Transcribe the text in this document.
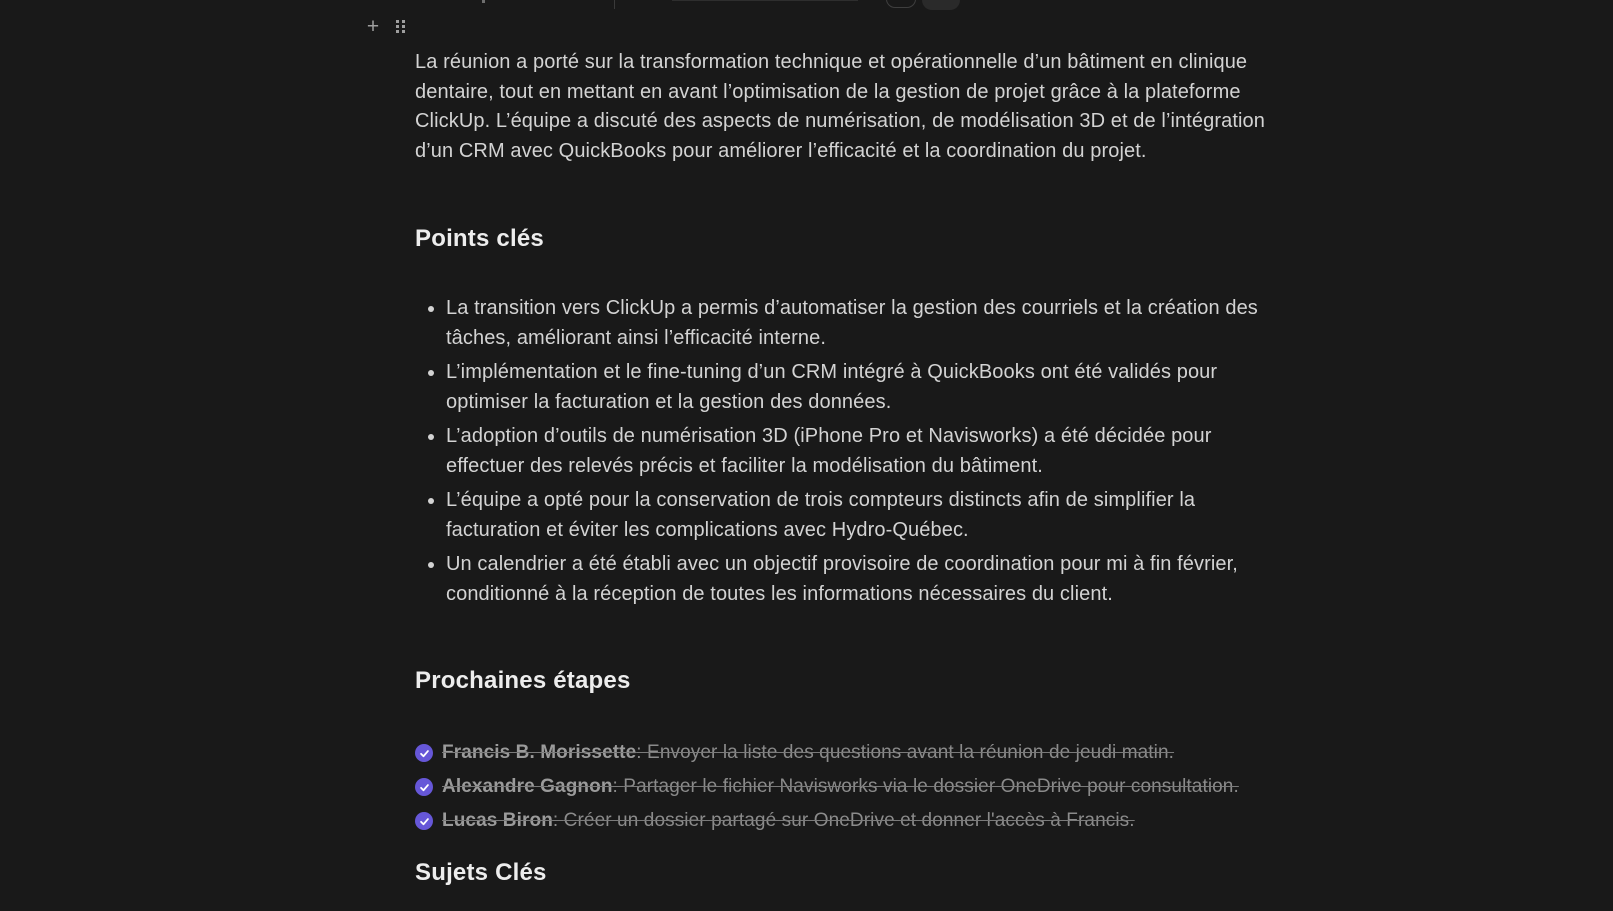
+

La réunion a porté sur la transformation technique et opérationnelle d’un bâtiment en clinique dentaire, tout en mettant en avant l’optimisation de la gestion de projet grâce à la plateforme ClickUp. L’équipe a discuté des aspects de numérisation, de modélisation 3D et de l’intégration d’un CRM avec QuickBooks pour améliorer l’efficacité et la coordination du projet.

Points clés
La transition vers ClickUp a permis d’automatiser la gestion des courriels et la création des tâches, améliorant ainsi l’efficacité interne.
L’implémentation et le fine-tuning d’un CRM intégré à QuickBooks ont été validés pour optimiser la facturation et la gestion des données.
L’adoption d’outils de numérisation 3D (iPhone Pro et Navisworks) a été décidée pour effectuer des relevés précis et faciliter la modélisation du bâtiment.
L’équipe a opté pour la conservation de trois compteurs distincts afin de simplifier la facturation et éviter les complications avec Hydro-Québec.
Un calendrier a été établi avec un objectif provisoire de coordination pour mi à fin février, conditionné à la réception de toutes les informations nécessaires du client.
Prochaines étapes
Francis B. Morissette: Envoyer la liste des questions avant la réunion de jeudi matin.
Alexandre Gagnon: Partager le fichier Navisworks via le dossier OneDrive pour consultation.
Lucas Biron: Créer un dossier partagé sur OneDrive et donner l'accès à Francis.
Sujets Clés
